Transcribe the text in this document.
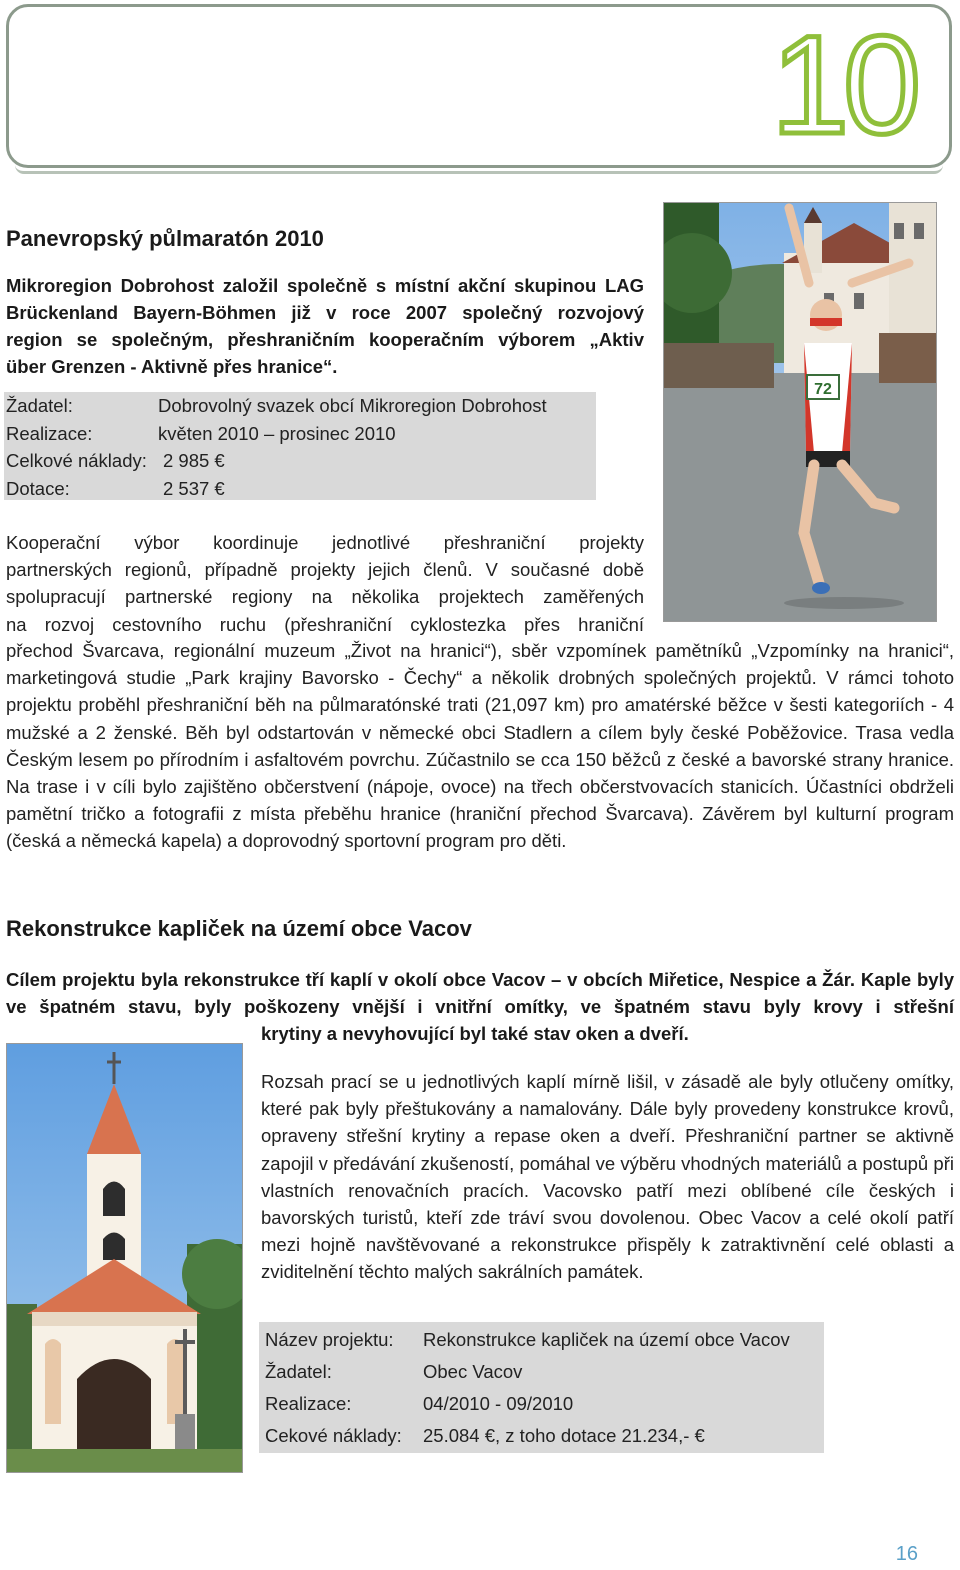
10
Panevropský půlmaratón 2010
Mikroregion Dobrohost založil společně s místní akční skupinou LAG
Brückenland Bayern-Böhmen již v roce 2007 společný rozvojový
region se společným, přeshraničním kooperačním výborem „Aktiv
über Grenzen - Aktivně přes hranice“.
Žadatel:	Dobrovolný svazek obcí Mikroregion Dobrohost
Realizace:	květen 2010 – prosinec 2010
Celkové náklady: 2 985 €
Dotace:	2 537 €
Kooperační výbor koordinuje jednotlivé přeshraniční projekty
partnerských regionů, případně projekty jejich členů. V současné době
spolupracují partnerské regiony na několika projektech zaměřených
na rozvoj cestovního ruchu (přeshraniční cyklostezka přes hraniční
přechod Švarcava, regionální muzeum „Život na hranici“), sběr vzpomínek pamětníků „Vzpomínky na hranici“, marketingová studie „Park krajiny Bavorsko - Čechy“ a několik drobných společných projektů. V rámci tohoto projektu proběhl přeshraniční běh na půlmaratónské trati (21,097 km) pro amatérské běžce v šesti kategoriích - 4 mužské a 2 ženské. Běh byl odstartován v německé obci Stadlern a cílem byly české Poběžovice. Trasa vedla Českým lesem po přírodním i asfaltovém povrchu. Zúčastnilo se cca 150 běžců z české a bavorské strany hranice. Na trase i v cíli bylo zajištěno občerstvení (nápoje, ovoce) na třech občerstvovacích stanicích. Účastníci obdrželi pamětní tričko a fotografii z místa přeběhu hranice (hraniční přechod Švarcava). Závěrem byl kulturní program (česká a německá kapela) a doprovodný sportovní program pro děti.
72
Rekonstrukce kapliček na území obce Vacov
Cílem projektu byla rekonstrukce tří kaplí v okolí obce Vacov – v obcích Miřetice, Nespice a Žár. Kaple byly ve špatném stavu, byly poškozeny vnější i vnitřní omítky, ve špatném stavu byly krovy i střešní
krytiny a nevyhovující byl také stav oken a dveří.
Rozsah prací se u jednotlivých kaplí mírně lišil, v zásadě ale byly otlučeny omítky, které pak byly přeštukovány a namalovány. Dále byly provedeny konstrukce krovů, opraveny střešní krytiny a repase oken a dveří. Přeshraniční partner se aktivně zapojil v předávání zkušeností, pomáhal ve výběru vhodných materiálů a postupů při vlastních renovačních pracích. Vacovsko patří mezi oblíbené cíle českých i bavorských turistů, kteří zde tráví svou dovolenou. Obec Vacov a celé okolí patří mezi hojně navštěvované a rekonstrukce přispěly k zatraktivnění celé oblasti a zviditelnění těchto malých sakrálních památek.
Název projektu: Rekonstrukce kapliček na území obce Vacov
Žadatel:	Obec Vacov
Realizace:	04/2010 - 09/2010
Cekové náklady: 25.084 €, z toho dotace 21.234,- €
16
